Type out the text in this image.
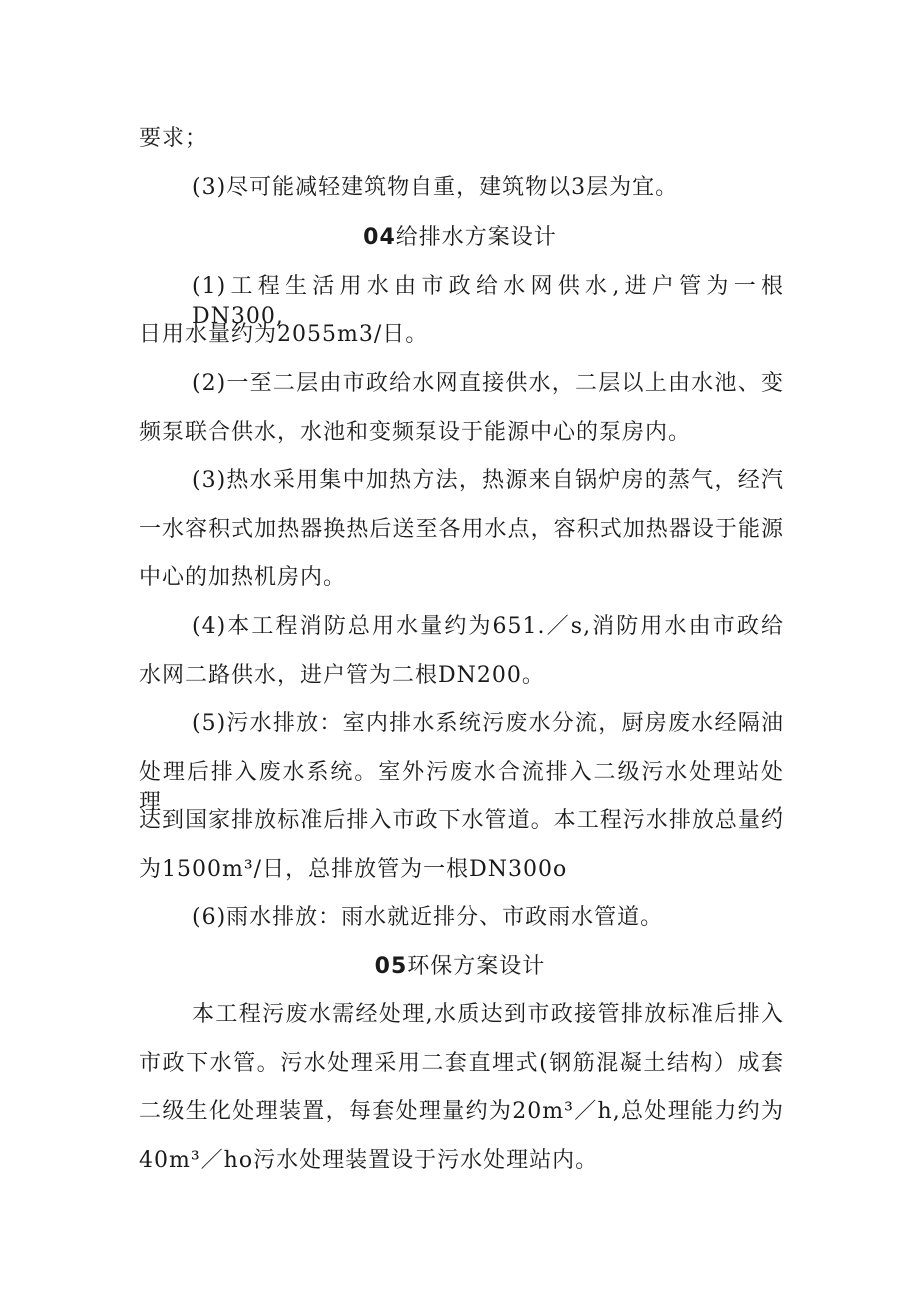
要求；
(3)尽可能减轻建筑物自重，建筑物以3层为宜。
04给排水方案设计
(1)工程生活用水由市政给水网供水,进户管为一根DN300,
日用水量约为2055m3/日。
(2)一至二层由市政给水网直接供水，二层以上由水池、变
频泵联合供水，水池和变频泵设于能源中心的泵房内。
(3)热水采用集中加热方法，热源来自锅炉房的蒸气，经汽
一水容积式加热器换热后送至各用水点，容积式加热器设于能源
中心的加热机房内。
(4)本工程消防总用水量约为651.／s,消防用水由市政给
水网二路供水，进户管为二根DN200。
(5)污水排放：室内排水系统污废水分流，厨房废水经隔油
处理后排入废水系统。室外污废水合流排入二级污水处理站处理,
达到国家排放标准后排入市政下水管道。本工程污水排放总量约
为1500m³/日，总排放管为一根DN300o
(6)雨水排放：雨水就近排分、市政雨水管道。
05环保方案设计
本工程污废水需经处理,水质达到市政接管排放标准后排入
市政下水管。污水处理采用二套直埋式(钢筋混凝土结构）成套
二级生化处理装置，每套处理量约为20m³／h,总处理能力约为
40m³／ho污水处理装置设于污水处理站内。
